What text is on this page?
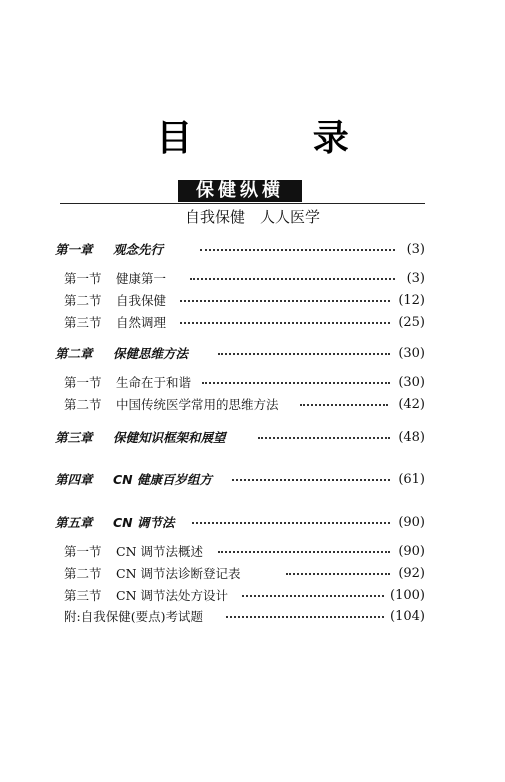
目 录
保健纵横
自我保健　人人医学
第一章 观念先行	(3)
第一节 健康第一	(3)
第二节 自我保健	(12)
第三节 自然调理	(25)
第二章 保健思维方法	(30)
第一节 生命在于和谐	(30)
第二节 中国传统医学常用的思维方法	(42)
第三章 保健知识框架和展望	(48)
第四章 CN 健康百岁组方	(61)
第五章 CN 调节法	(90)
第一节 CN 调节法概述	(90)
第二节 CN 调节法诊断登记表	(92)
第三节 CN 调节法处方设计	(100)
附:自我保健(要点)考试题	(104)
